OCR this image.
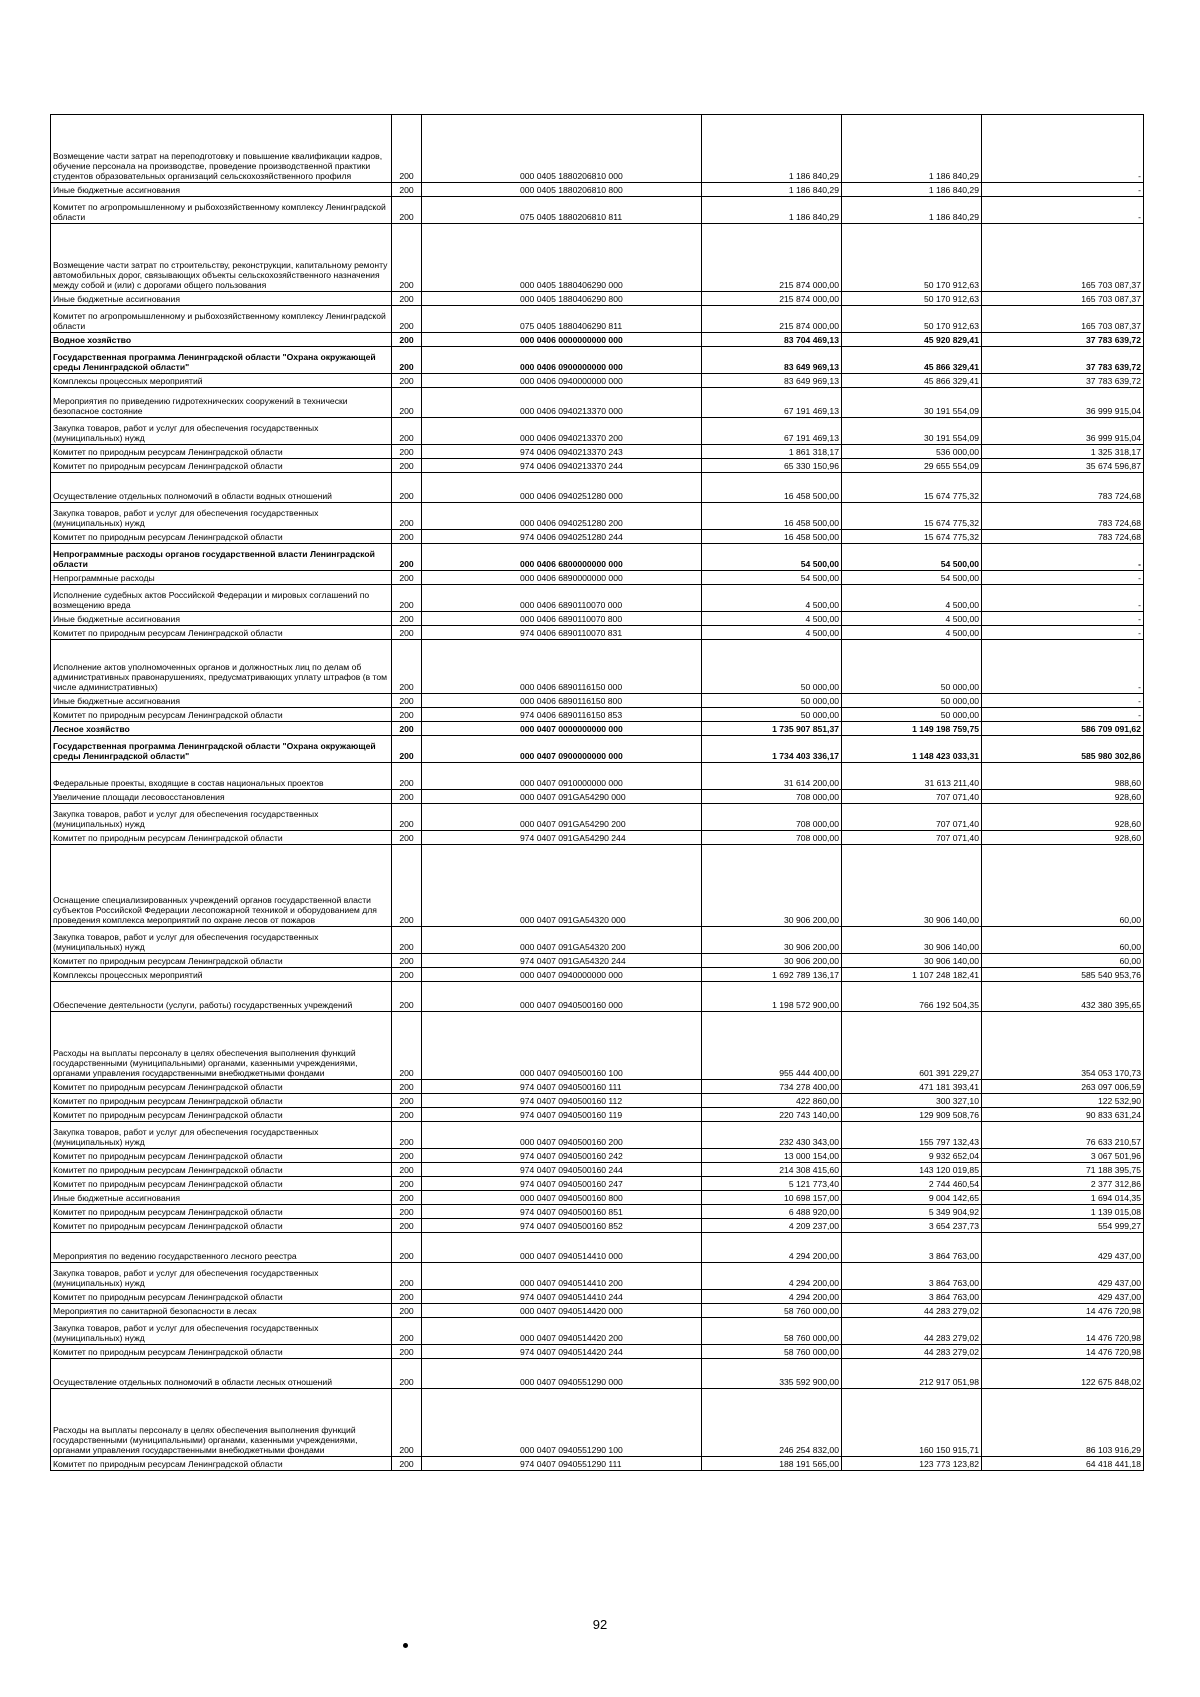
Возмещение части затрат на переподготовку и повышение квалификации кадров, обучение персонала на производстве, проведение производственной практики студентов образовательных организаций сельскохозяйственного профиля	200	000 0405 1880206810 000	1 186 840,29	1 186 840,29	-
Иные бюджетные ассигнования	200	000 0405 1880206810 800	1 186 840,29	1 186 840,29	-
Комитет по агропромышленному и рыбохозяйственному комплексу Ленинградской области	200	075 0405 1880206810 811	1 186 840,29	1 186 840,29	-
Возмещение части затрат по строительству, реконструкции, капитальному ремонту автомобильных дорог, связывающих объекты сельскохозяйственного назначения между собой и (или) с дорогами общего пользования	200	000 0405 1880406290 000	215 874 000,00	50 170 912,63	165 703 087,37
Иные бюджетные ассигнования	200	000 0405 1880406290 800	215 874 000,00	50 170 912,63	165 703 087,37
Комитет по агропромышленному и рыбохозяйственному комплексу Ленинградской области	200	075 0405 1880406290 811	215 874 000,00	50 170 912,63	165 703 087,37
Водное хозяйство	200	000 0406 0000000000 000	83 704 469,13	45 920 829,41	37 783 639,72
Государственная программа Ленинградской области "Охрана окружающей среды Ленинградской области"	200	000 0406 0900000000 000	83 649 969,13	45 866 329,41	37 783 639,72
Комплексы процессных мероприятий	200	000 0406 0940000000 000	83 649 969,13	45 866 329,41	37 783 639,72
Мероприятия по приведению гидротехнических сооружений в технически безопасное состояние	200	000 0406 0940213370 000	67 191 469,13	30 191 554,09	36 999 915,04
Закупка товаров, работ и услуг для обеспечения государственных (муниципальных) нужд	200	000 0406 0940213370 200	67 191 469,13	30 191 554,09	36 999 915,04
Комитет по природным ресурсам Ленинградской области	200	974 0406 0940213370 243	1 861 318,17	536 000,00	1 325 318,17
Комитет по природным ресурсам Ленинградской области	200	974 0406 0940213370 244	65 330 150,96	29 655 554,09	35 674 596,87
Осуществление отдельных полномочий в области водных отношений	200	000 0406 0940251280 000	16 458 500,00	15 674 775,32	783 724,68
Закупка товаров, работ и услуг для обеспечения государственных (муниципальных) нужд	200	000 0406 0940251280 200	16 458 500,00	15 674 775,32	783 724,68
Комитет по природным ресурсам Ленинградской области	200	974 0406 0940251280 244	16 458 500,00	15 674 775,32	783 724,68
Непрограммные расходы органов государственной власти Ленинградской области	200	000 0406 6800000000 000	54 500,00	54 500,00	-
Непрограммные расходы	200	000 0406 6890000000 000	54 500,00	54 500,00	-
Исполнение судебных актов Российской Федерации и мировых соглашений по возмещению вреда	200	000 0406 6890110070 000	4 500,00	4 500,00	-
Иные бюджетные ассигнования	200	000 0406 6890110070 800	4 500,00	4 500,00	-
Комитет по природным ресурсам Ленинградской области	200	974 0406 6890110070 831	4 500,00	4 500,00	-
Исполнение актов уполномоченных органов и должностных лиц по делам об административных правонарушениях, предусматривающих уплату штрафов (в том числе административных)	200	000 0406 6890116150 000	50 000,00	50 000,00	-
Иные бюджетные ассигнования	200	000 0406 6890116150 800	50 000,00	50 000,00	-
Комитет по природным ресурсам Ленинградской области	200	974 0406 6890116150 853	50 000,00	50 000,00	-
Лесное хозяйство	200	000 0407 0000000000 000	1 735 907 851,37	1 149 198 759,75	586 709 091,62
Государственная программа Ленинградской области "Охрана окружающей среды Ленинградской области"	200	000 0407 0900000000 000	1 734 403 336,17	1 148 423 033,31	585 980 302,86
Федеральные проекты, входящие в состав национальных проектов	200	000 0407 0910000000 000	31 614 200,00	31 613 211,40	988,60
Увеличение площади лесовосстановления	200	000 0407 091GA54290 000	708 000,00	707 071,40	928,60
Закупка товаров, работ и услуг для обеспечения государственных (муниципальных) нужд	200	000 0407 091GA54290 200	708 000,00	707 071,40	928,60
Комитет по природным ресурсам Ленинградской области	200	974 0407 091GA54290 244	708 000,00	707 071,40	928,60
Оснащение специализированных учреждений органов государственной власти субъектов Российской Федерации лесопожарной техникой и оборудованием для проведения комплекса мероприятий по охране лесов от пожаров	200	000 0407 091GA54320 000	30 906 200,00	30 906 140,00	60,00
Закупка товаров, работ и услуг для обеспечения государственных (муниципальных) нужд	200	000 0407 091GA54320 200	30 906 200,00	30 906 140,00	60,00
Комитет по природным ресурсам Ленинградской области	200	974 0407 091GA54320 244	30 906 200,00	30 906 140,00	60,00
Комплексы процессных мероприятий	200	000 0407 0940000000 000	1 692 789 136,17	1 107 248 182,41	585 540 953,76
Обеспечение деятельности (услуги, работы) государственных учреждений	200	000 0407 0940500160 000	1 198 572 900,00	766 192 504,35	432 380 395,65
Расходы на выплаты персоналу в целях обеспечения выполнения функций государственными (муниципальными) органами, казенными учреждениями, органами управления государственными внебюджетными фондами	200	000 0407 0940500160 100	955 444 400,00	601 391 229,27	354 053 170,73
Комитет по природным ресурсам Ленинградской области	200	974 0407 0940500160 111	734 278 400,00	471 181 393,41	263 097 006,59
Комитет по природным ресурсам Ленинградской области	200	974 0407 0940500160 112	422 860,00	300 327,10	122 532,90
Комитет по природным ресурсам Ленинградской области	200	974 0407 0940500160 119	220 743 140,00	129 909 508,76	90 833 631,24
Закупка товаров, работ и услуг для обеспечения государственных (муниципальных) нужд	200	000 0407 0940500160 200	232 430 343,00	155 797 132,43	76 633 210,57
Комитет по природным ресурсам Ленинградской области	200	974 0407 0940500160 242	13 000 154,00	9 932 652,04	3 067 501,96
Комитет по природным ресурсам Ленинградской области	200	974 0407 0940500160 244	214 308 415,60	143 120 019,85	71 188 395,75
Комитет по природным ресурсам Ленинградской области	200	974 0407 0940500160 247	5 121 773,40	2 744 460,54	2 377 312,86
Иные бюджетные ассигнования	200	000 0407 0940500160 800	10 698 157,00	9 004 142,65	1 694 014,35
Комитет по природным ресурсам Ленинградской области	200	974 0407 0940500160 851	6 488 920,00	5 349 904,92	1 139 015,08
Комитет по природным ресурсам Ленинградской области	200	974 0407 0940500160 852	4 209 237,00	3 654 237,73	554 999,27
Мероприятия по ведению государственного лесного реестра	200	000 0407 0940514410 000	4 294 200,00	3 864 763,00	429 437,00
Закупка товаров, работ и услуг для обеспечения государственных (муниципальных) нужд	200	000 0407 0940514410 200	4 294 200,00	3 864 763,00	429 437,00
Комитет по природным ресурсам Ленинградской области	200	974 0407 0940514410 244	4 294 200,00	3 864 763,00	429 437,00
Мероприятия по санитарной безопасности в лесах	200	000 0407 0940514420 000	58 760 000,00	44 283 279,02	14 476 720,98
Закупка товаров, работ и услуг для обеспечения государственных (муниципальных) нужд	200	000 0407 0940514420 200	58 760 000,00	44 283 279,02	14 476 720,98
Комитет по природным ресурсам Ленинградской области	200	974 0407 0940514420 244	58 760 000,00	44 283 279,02	14 476 720,98
Осуществление отдельных полномочий в области лесных отношений	200	000 0407 0940551290 000	335 592 900,00	212 917 051,98	122 675 848,02
Расходы на выплаты персоналу в целях обеспечения выполнения функций государственными (муниципальными) органами, казенными учреждениями, органами управления государственными внебюджетными фондами	200	000 0407 0940551290 100	246 254 832,00	160 150 915,71	86 103 916,29
Комитет по природным ресурсам Ленинградской области	200	974 0407 0940551290 111	188 191 565,00	123 773 123,82	64 418 441,18
92
